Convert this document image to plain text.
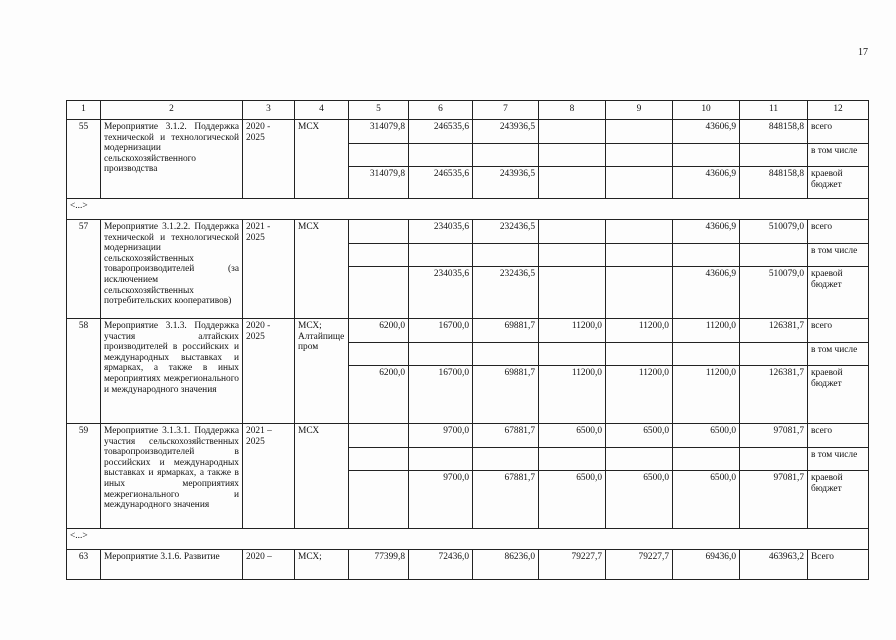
17
1	2	3	4	5	6	7	8	9	10	11	12
55	Мероприятие 3.1.2. Поддержка технической и технологической модернизации сельскохозяйственного производства	2020 - 2025	МСХ	314079,8	246535,6	243936,5			43606,9	848158,8	всего
											в том числе
				314079,8	246535,6	243936,5			43606,9	848158,8	краевой бюджет
<...>											
57	Мероприятие 3.1.2.2. Поддержка технической и технологической модернизации сельскохозяйственных товаропроизводителей (за исключением сельскохозяйственных потребительских кооперативов)	2021 - 2025	МСХ		234035,6	232436,5			43606,9	510079,0	всего
											в том числе
					234035,6	232436,5			43606,9	510079,0	краевой бюджет
58	Мероприятие 3.1.3. Поддержка участия алтайских производителей в российских и международных выставках и ярмарках, а также в иных мероприятиях межрегионального и международного значения	2020 - 2025	МСХ; Алтайпищепром	6200,0	16700,0	69881,7	11200,0	11200,0	11200,0	126381,7	всего
											в том числе
				6200,0	16700,0	69881,7	11200,0	11200,0	11200,0	126381,7	краевой бюджет
59	Мероприятие 3.1.3.1. Поддержка участия сельскохозяйственных товаропроизводителей в российских и международных выставках и ярмарках, а также в иных мероприятиях межрегионального и международного значения	2021 – 2025	МСХ		9700,0	67881,7	6500,0	6500,0	6500,0	97081,7	всего
											в том числе
					9700,0	67881,7	6500,0	6500,0	6500,0	97081,7	краевой бюджет
<...>											
63	Мероприятие 3.1.6. Развитие	2020 –	МСХ;	77399,8	72436,0	86236,0	79227,7	79227,7	69436,0	463963,2	Всего
